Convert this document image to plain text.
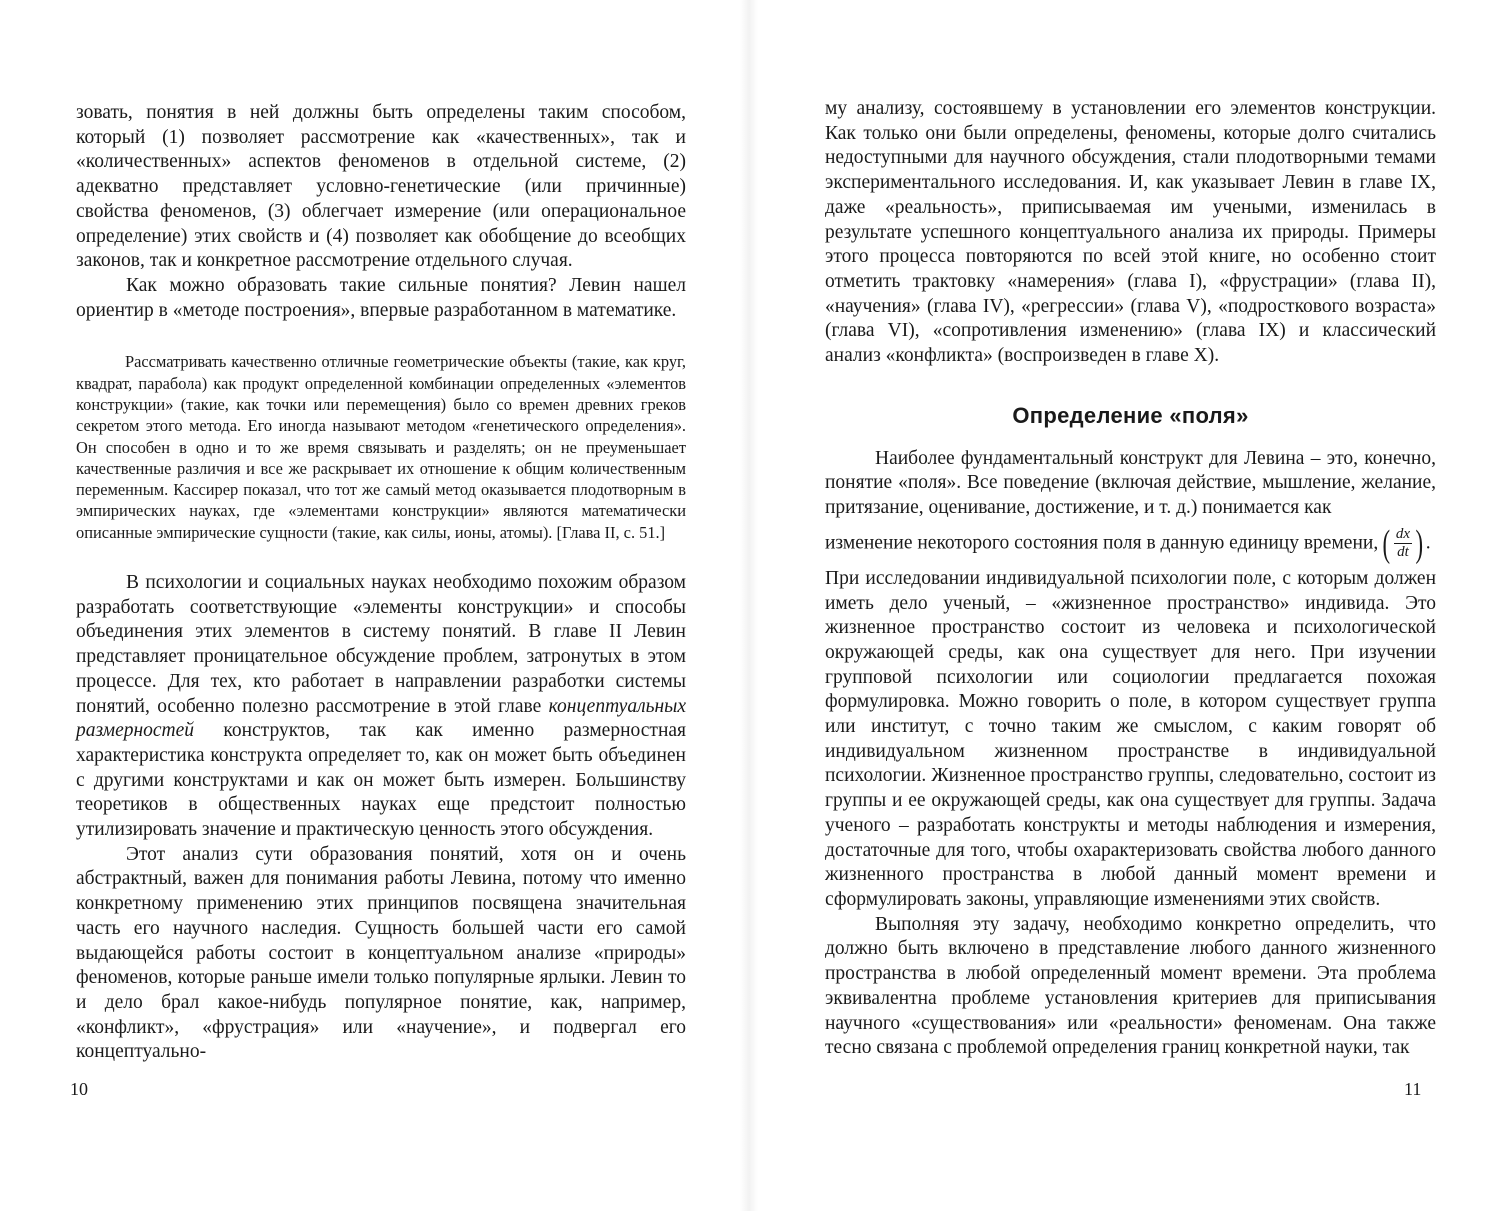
зовать, понятия в ней должны быть определены таким способом, который (1) позволяет рассмотрение как «качественных», так и «количественных» аспектов феноменов в отдельной системе, (2) адекватно представляет условно-генетические (или причинные) свойства феноменов, (3) облегчает измерение (или операциональное определение) этих свойств и (4) позволяет как обобщение до всеобщих законов, так и конкретное рассмотрение отдельного случая.

Как можно образовать такие сильные понятия? Левин нашел ориентир в «методе построения», впервые разработанном в математике.

Рассматривать качественно отличные геометрические объекты (такие, как круг, квадрат, парабола) как продукт определенной комбинации определенных «элементов конструкции» (такие, как точки или перемещения) было со времен древних греков секретом этого метода. Его иногда называют методом «генетического определения». Он способен в одно и то же время связывать и разделять; он не преуменьшает качественные различия и все же раскрывает их отношение к общим количественным переменным. Кассирер показал, что тот же самый метод оказывается плодотворным в эмпирических науках, где «элементами конструкции» являются математически описанные эмпирические сущности (такие, как силы, ионы, атомы). [Глава II, с. 51.]

В психологии и социальных науках необходимо похожим образом разработать соответствующие «элементы конструкции» и способы объединения этих элементов в систему понятий. В главе II Левин представляет проницательное обсуждение проблем, затронутых в этом процессе. Для тех, кто работает в направлении разработки системы понятий, особенно полезно рассмотрение в этой главе концептуальных размерностей конструктов, так как именно размерностная характеристика конструкта определяет то, как он может быть объединен с другими конструктами и как он может быть измерен. Большинству теоретиков в общественных науках еще предстоит полностью утилизировать значение и практическую ценность этого обсуждения.

Этот анализ сути образования понятий, хотя он и очень абстрактный, важен для понимания работы Левина, потому что именно конкретному применению этих принципов посвящена значительная часть его научного наследия. Сущность большей части его самой выдающейся работы состоит в концептуальном анализе «природы» феноменов, которые раньше имели только популярные ярлыки. Левин то и дело брал какое-нибудь популярное понятие, как, например, «конфликт», «фрустрация» или «научение», и подвергал его концептуально-

10

му анализу, состоявшему в установлении его элементов конструкции. Как только они были определены, феномены, которые долго считались недоступными для научного обсуждения, стали плодотворными темами экспериментального исследования. И, как указывает Левин в главе IX, даже «реальность», приписываемая им учеными, изменилась в результате успешного концептуального анализа их природы. Примеры этого процесса повторяются по всей этой книге, но особенно стоит отметить трактовку «намерения» (глава I), «фрустрации» (глава II), «научения» (глава IV), «регрессии» (глава V), «подросткового возраста» (глава VI), «сопротивления изменению» (глава IX) и классический анализ «конфликта» (воспроизведен в главе X).

Определение «поля»

Наиболее фундаментальный конструкт для Левина – это, конечно, понятие «поля». Все поведение (включая действие, мышление, желание, притязание, оценивание, достижение, и т. д.) понимается как

изменение некоторого состояния поля в данную единицу времени, ( $\frac{dx}{dt}$ ) .

При исследовании индивидуальной психологии поле, с которым должен иметь дело ученый, – «жизненное пространство» индивида. Это жизненное пространство состоит из человека и психологической окружающей среды, как она существует для него. При изучении групповой психологии или социологии предлагается похожая формулировка. Можно говорить о поле, в котором существует группа или институт, с точно таким же смыслом, с каким говорят об индивидуальном жизненном пространстве в индивидуальной психологии. Жизненное пространство группы, следовательно, состоит из группы и ее окружающей среды, как она существует для группы. Задача ученого – разработать конструкты и методы наблюдения и измерения, достаточные для того, чтобы охарактеризовать свойства любого данного жизненного пространства в любой данный момент времени и сформулировать законы, управляющие изменениями этих свойств.

Выполняя эту задачу, необходимо конкретно определить, что должно быть включено в представление любого данного жизненного пространства в любой определенный момент времени. Эта проблема эквивалентна проблеме установления критериев для приписывания научного «существования» или «реальности» феноменам. Она также тесно связана с проблемой определения границ конкретной науки, так

11
